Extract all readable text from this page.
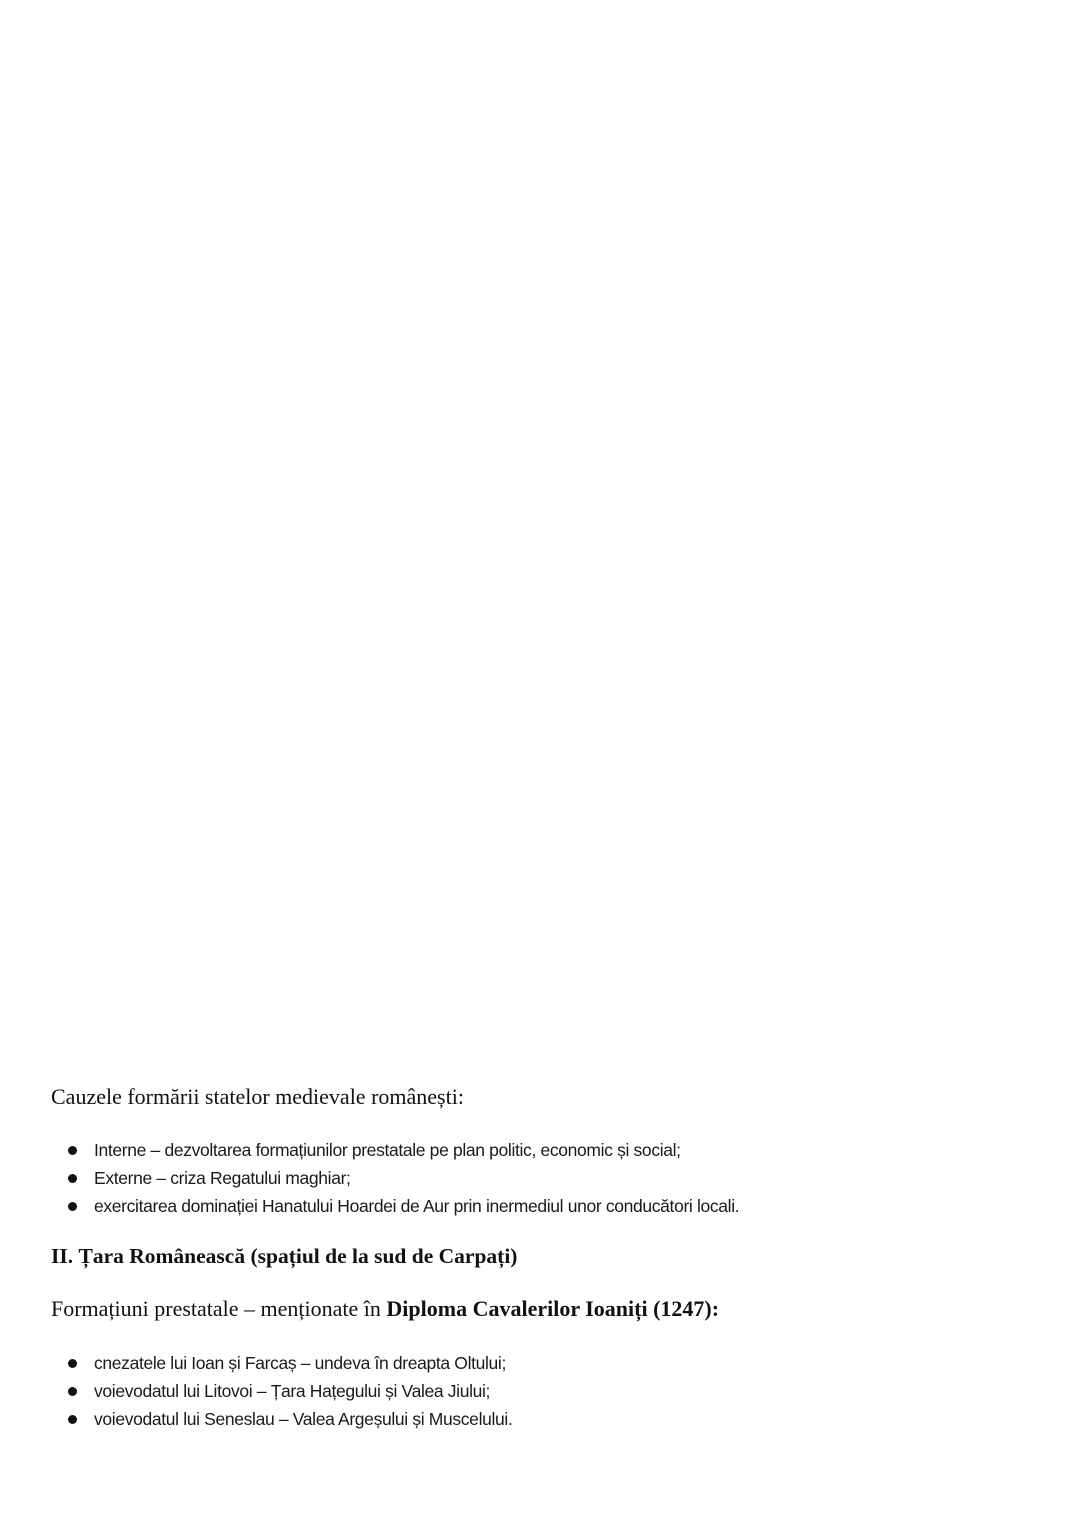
Cauzele formării statelor medievale românești:

Interne – dezvoltarea formațiunilor prestatale pe plan politic, economic și social;
Externe – criza Regatului maghiar;
exercitarea dominației Hanatului Hoardei de Aur prin inermediul unor conducători locali.
II. Țara Românească (spațiul de la sud de Carpați)

Formațiuni prestatale – menționate în Diploma Cavalerilor Ioaniți (1247):

cnezatele lui Ioan și Farcaș – undeva în dreapta Oltului;
voievodatul lui Litovoi – Țara Hațegului și Valea Jiului;
voievodatul lui Seneslau – Valea Argeșului și Muscelului.
